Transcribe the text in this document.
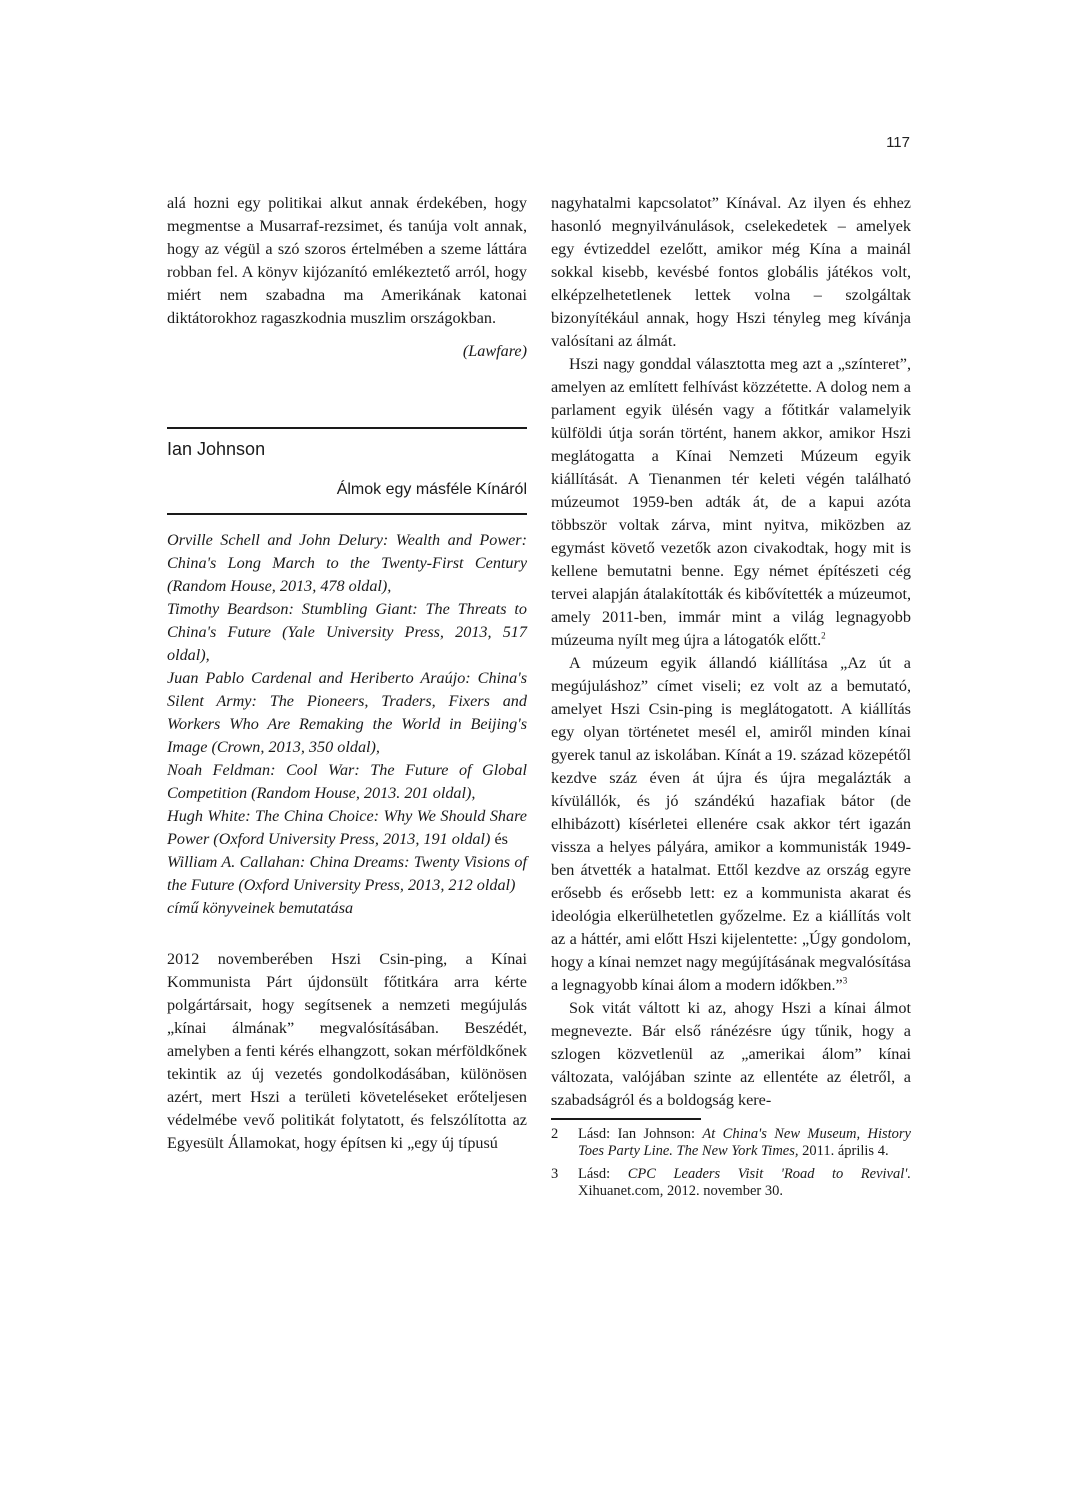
117

alá hozni egy politikai alkut annak érdekében, hogy megmentse a Musarraf-rezsimet, és tanúja volt annak, hogy az végül a szó szoros értelmében a szeme láttára robban fel. A könyv kijózanító emlékeztető arról, hogy miért nem szabadna ma Amerikának katonai diktátorokhoz ragaszkodnia muszlim országokban.

(Lawfare)

Ian Johnson

Álmok egy másféle Kínáról

Orville Schell and John Delury: Wealth and Power: China's Long March to the Twenty-First Century (Random House, 2013, 478 oldal),

Timothy Beardson: Stumbling Giant: The Threats to China's Future (Yale University Press, 2013, 517 oldal),

Juan Pablo Cardenal and Heriberto Araújo: China's Silent Army: The Pioneers, Traders, Fixers and Workers Who Are Remaking the World in Beijing's Image (Crown, 2013, 350 oldal),

Noah Feldman: Cool War: The Future of Global Competition (Random House, 2013. 201 oldal),

Hugh White: The China Choice: Why We Should Share Power (Oxford University Press, 2013, 191 oldal) és

William A. Callahan: China Dreams: Twenty Visions of the Future (Oxford University Press, 2013, 212 oldal)

című könyveinek bemutatása

2012 novemberében Hszi Csin-ping, a Kínai Kommunista Párt újdonsült főtitkára arra kérte polgártársait, hogy segítsenek a nemzeti megújulás „kínai álmának” megvalósításában. Beszédét, amelyben a fenti kérés elhangzott, sokan mérföldkőnek tekintik az új vezetés gondolkodásában, különösen azért, mert Hszi a területi követeléseket erőteljesen védelmébe vevő politikát folytatott, és felszólította az Egyesült Államokat, hogy építsen ki „egy új típusú

nagyhatalmi kapcsolatot” Kínával. Az ilyen és ehhez hasonló megnyilvánulások, cselekedetek – amelyek egy évtizeddel ezelőtt, amikor még Kína a mainál sokkal kisebb, kevésbé fontos globális játékos volt, elképzelhetetlenek lettek volna – szolgáltak bizonyítékául annak, hogy Hszi tényleg meg kívánja valósítani az álmát.

Hszi nagy gonddal választotta meg azt a „színteret”, amelyen az említett felhívást közzétette. A dolog nem a parlament egyik ülésén vagy a főtitkár valamelyik külföldi útja során történt, hanem akkor, amikor Hszi meglátogatta a Kínai Nemzeti Múzeum egyik kiállítását. A Tienanmen tér keleti végén található múzeumot 1959-ben adták át, de a kapui azóta többször voltak zárva, mint nyitva, miközben az egymást követő vezetők azon civakodtak, hogy mit is kellene bemutatni benne. Egy német építészeti cég tervei alapján átalakították és kibővítették a múzeumot, amely 2011-ben, immár mint a világ legnagyobb múzeuma nyílt meg újra a látogatók előtt.$^2$

A múzeum egyik állandó kiállítása „Az út a megújuláshoz” címet viseli; ez volt az a bemutató, amelyet Hszi Csin-ping is meglátogatott. A kiállítás egy olyan történetet mesél el, amiről minden kínai gyerek tanul az iskolában. Kínát a 19. század közepétől kezdve száz éven át újra és újra megalázták a kívülállók, és jó szándékú hazafiak bátor (de elhibázott) kísérletei ellenére csak akkor tért igazán vissza a helyes pályára, amikor a kommunisták 1949-ben átvették a hatalmat. Ettől kezdve az ország egyre erősebb és erősebb lett: ez a kommunista akarat és ideológia elkerülhetetlen győzelme. Ez a kiállítás volt az a háttér, ami előtt Hszi kijelentette: „Úgy gondolom, hogy a kínai nemzet nagy megújításának megvalósítása a legnagyobb kínai álom a modern időkben.”$^3$

Sok vitát váltott ki az, ahogy Hszi a kínai álmot megnevezte. Bár első ránézésre úgy tűnik, hogy a szlogen közvetlenül az „amerikai álom” kínai változata, valójában szinte az ellentéte az életről, a szabadságról és a boldogság kere-

2 Lásd: Ian Johnson: At China's New Museum, History Toes Party Line. The New York Times, 2011. április 4.

3 Lásd: CPC Leaders Visit 'Road to Revival'. Xihuanet.com, 2012. november 30.
